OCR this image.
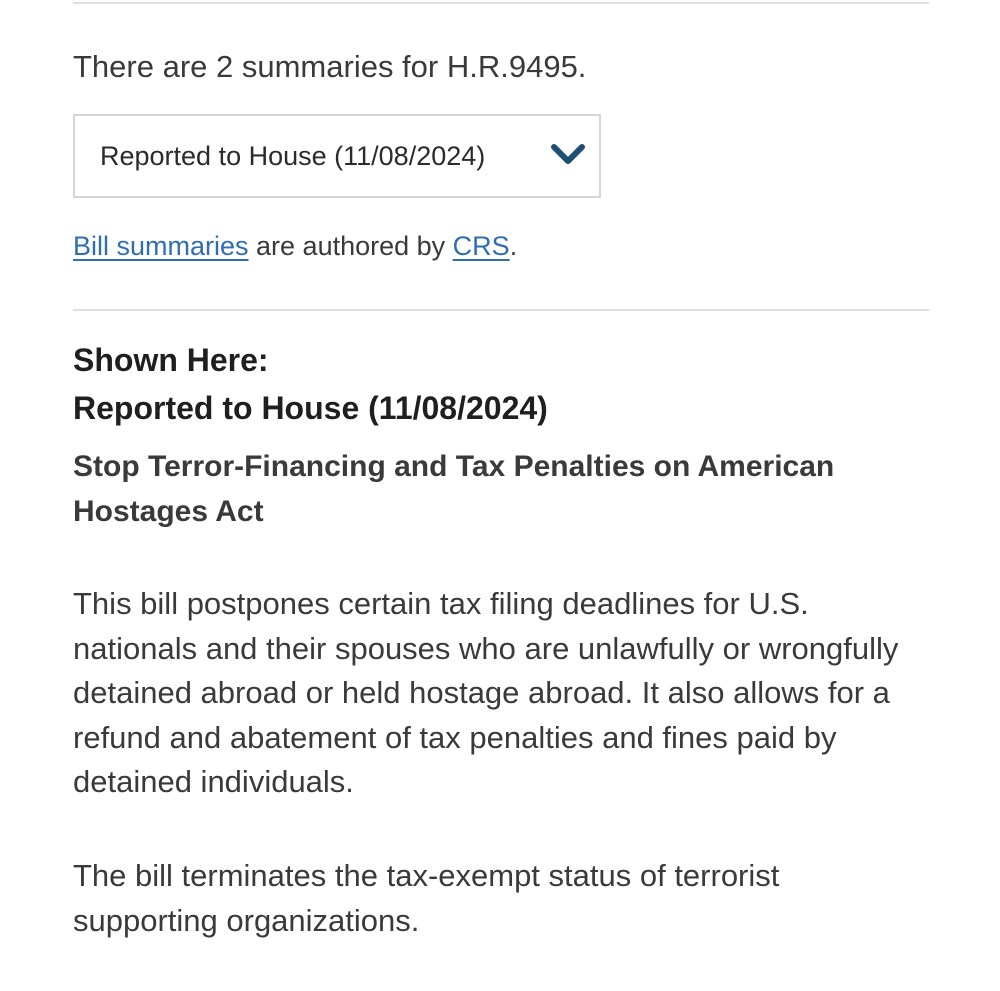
There are 2 summaries for H.R.9495.
Reported to House (11/08/2024)
Bill summaries are authored by CRS.
Shown Here:
Reported to House (11/08/2024)
Stop Terror-Financing and Tax Penalties on American Hostages Act
This bill postpones certain tax filing deadlines for U.S. nationals and their spouses who are unlawfully or wrongfully detained abroad or held hostage abroad. It also allows for a refund and abatement of tax penalties and fines paid by detained individuals.
The bill terminates the tax-exempt status of terrorist supporting organizations.
